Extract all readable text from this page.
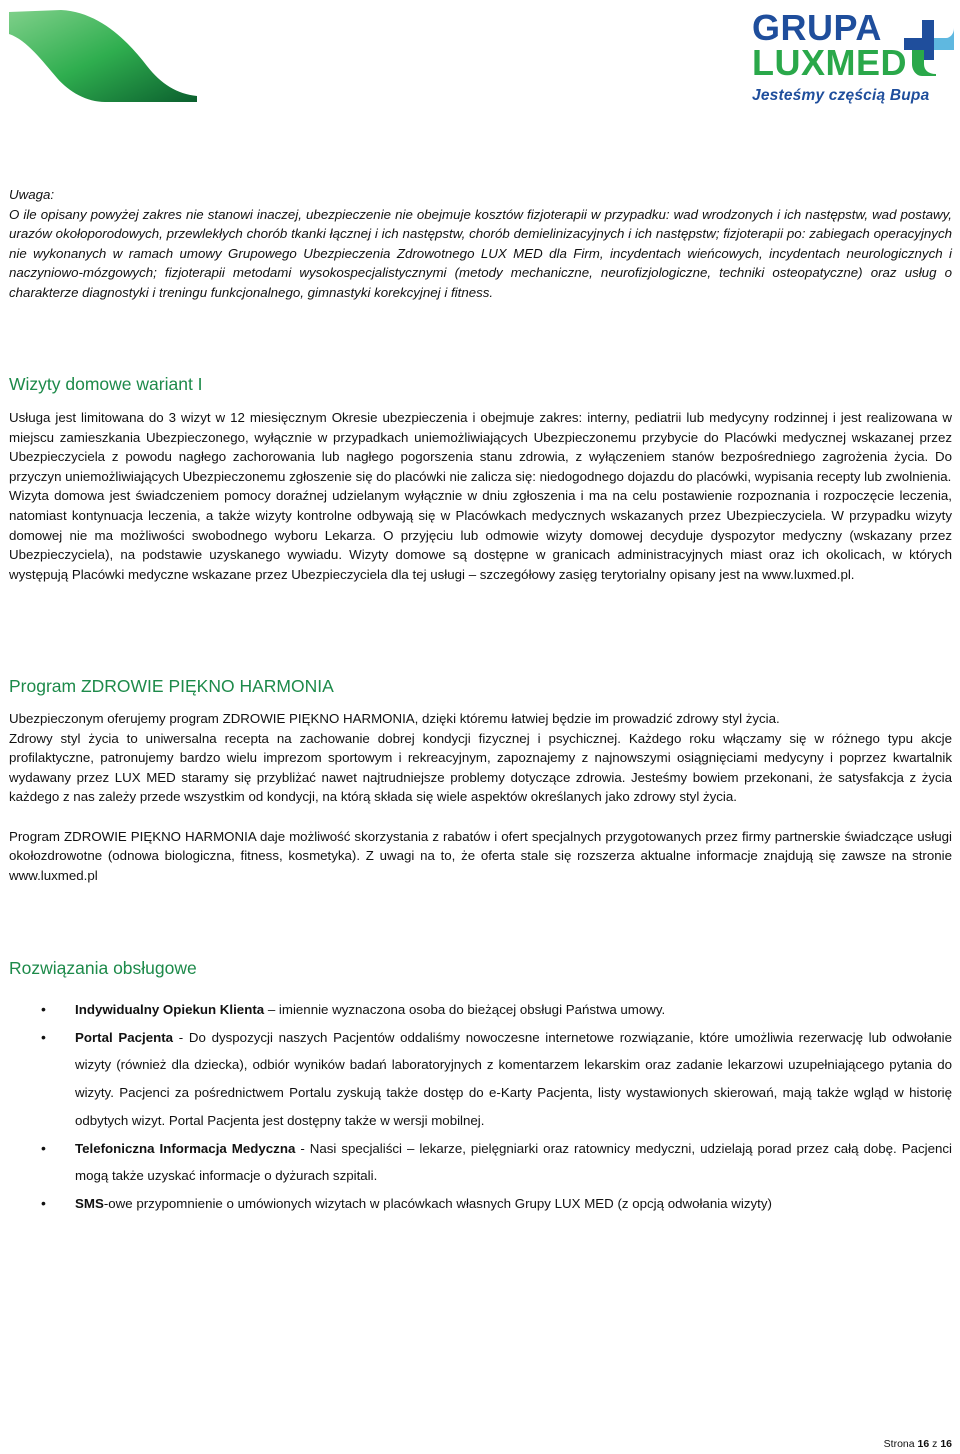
GRUPA
LUXMED
Jesteśmy częścią Bupa

Uwaga:

O ile opisany powyżej zakres nie stanowi inaczej, ubezpieczenie nie obejmuje kosztów fizjoterapii w przypadku: wad wrodzonych i ich następstw, wad postawy, urazów okołoporodowych, przewlekłych chorób tkanki łącznej i ich następstw, chorób demielinizacyjnych i ich następstw; fizjoterapii po: zabiegach operacyjnych nie wykonanych w ramach umowy Grupowego Ubezpieczenia Zdrowotnego LUX MED dla Firm, incydentach wieńcowych, incydentach neurologicznych i naczyniowo-mózgowych; fizjoterapii metodami wysokospecjalistycznymi (metody mechaniczne, neurofizjologiczne, techniki osteopatyczne) oraz usług o charakterze diagnostyki i treningu funkcjonalnego, gimnastyki korekcyjnej i fitness.

Wizyty domowe wariant I

Usługa jest limitowana do 3 wizyt w 12 miesięcznym Okresie ubezpieczenia i obejmuje zakres: interny, pediatrii lub medycyny rodzinnej i jest realizowana w miejscu zamieszkania Ubezpieczonego, wyłącznie w przypadkach uniemożliwiających Ubezpieczonemu przybycie do Placówki medycznej wskazanej przez Ubezpieczyciela z powodu nagłego zachorowania lub nagłego pogorszenia stanu zdrowia, z wyłączeniem stanów bezpośredniego zagrożenia życia. Do przyczyn uniemożliwiających Ubezpieczonemu zgłoszenie się do placówki nie zalicza się: niedogodnego dojazdu do placówki, wypisania recepty lub zwolnienia.

Wizyta domowa jest świadczeniem pomocy doraźnej udzielanym wyłącznie w dniu zgłoszenia i ma na celu postawienie rozpoznania i rozpoczęcie leczenia, natomiast kontynuacja leczenia, a także wizyty kontrolne odbywają się w Placówkach medycznych wskazanych przez Ubezpieczyciela. W przypadku wizyty domowej nie ma możliwości swobodnego wyboru Lekarza. O przyjęciu lub odmowie wizyty domowej decyduje dyspozytor medyczny (wskazany przez Ubezpieczyciela), na podstawie uzyskanego wywiadu. Wizyty domowe są dostępne w granicach administracyjnych miast oraz ich okolicach, w których występują Placówki medyczne wskazane przez Ubezpieczyciela dla tej usługi – szczegółowy zasięg terytorialny opisany jest na www.luxmed.pl.

Program ZDROWIE PIĘKNO HARMONIA

Ubezpieczonym oferujemy program ZDROWIE PIĘKNO HARMONIA, dzięki któremu łatwiej będzie im prowadzić zdrowy styl życia.

Zdrowy styl życia to uniwersalna recepta na zachowanie dobrej kondycji fizycznej i psychicznej. Każdego roku włączamy się w różnego typu akcje profilaktyczne, patronujemy bardzo wielu imprezom sportowym i rekreacyjnym, zapoznajemy z najnowszymi osiągnięciami medycyny i poprzez kwartalnik wydawany przez LUX MED staramy się przybliżać nawet najtrudniejsze problemy dotyczące zdrowia. Jesteśmy bowiem przekonani, że satysfakcja z życia każdego z nas zależy przede wszystkim od kondycji, na którą składa się wiele aspektów określanych jako zdrowy styl życia.

Program ZDROWIE PIĘKNO HARMONIA daje możliwość skorzystania z rabatów i ofert specjalnych przygotowanych przez firmy partnerskie świadczące usługi okołozdrowotne (odnowa biologiczna, fitness, kosmetyka). Z uwagi na to, że oferta stale się rozszerza aktualne informacje znajdują się zawsze na stronie www.luxmed.pl

Rozwiązania obsługowe
• Indywidualny Opiekun Klienta – imiennie wyznaczona osoba do bieżącej obsługi Państwa umowy.
• Portal Pacjenta - Do dyspozycji naszych Pacjentów oddaliśmy nowoczesne internetowe rozwiązanie, które umożliwia rezerwację lub odwołanie wizyty (również dla dziecka), odbiór wyników badań laboratoryjnych z komentarzem lekarskim oraz zadanie lekarzowi uzupełniającego pytania do wizyty. Pacjenci za pośrednictwem Portalu zyskują także dostęp do e-Karty Pacjenta, listy wystawionych skierowań, mają także wgląd w historię odbytych wizyt. Portal Pacjenta jest dostępny także w wersji mobilnej.
• Telefoniczna Informacja Medyczna - Nasi specjaliści – lekarze, pielęgniarki oraz ratownicy medyczni, udzielają porad przez całą dobę. Pacjenci mogą także uzyskać informacje o dyżurach szpitali.
• SMS-owe przypomnienie o umówionych wizytach w placówkach własnych Grupy LUX MED (z opcją odwołania wizyty)
Strona 16 z 16
